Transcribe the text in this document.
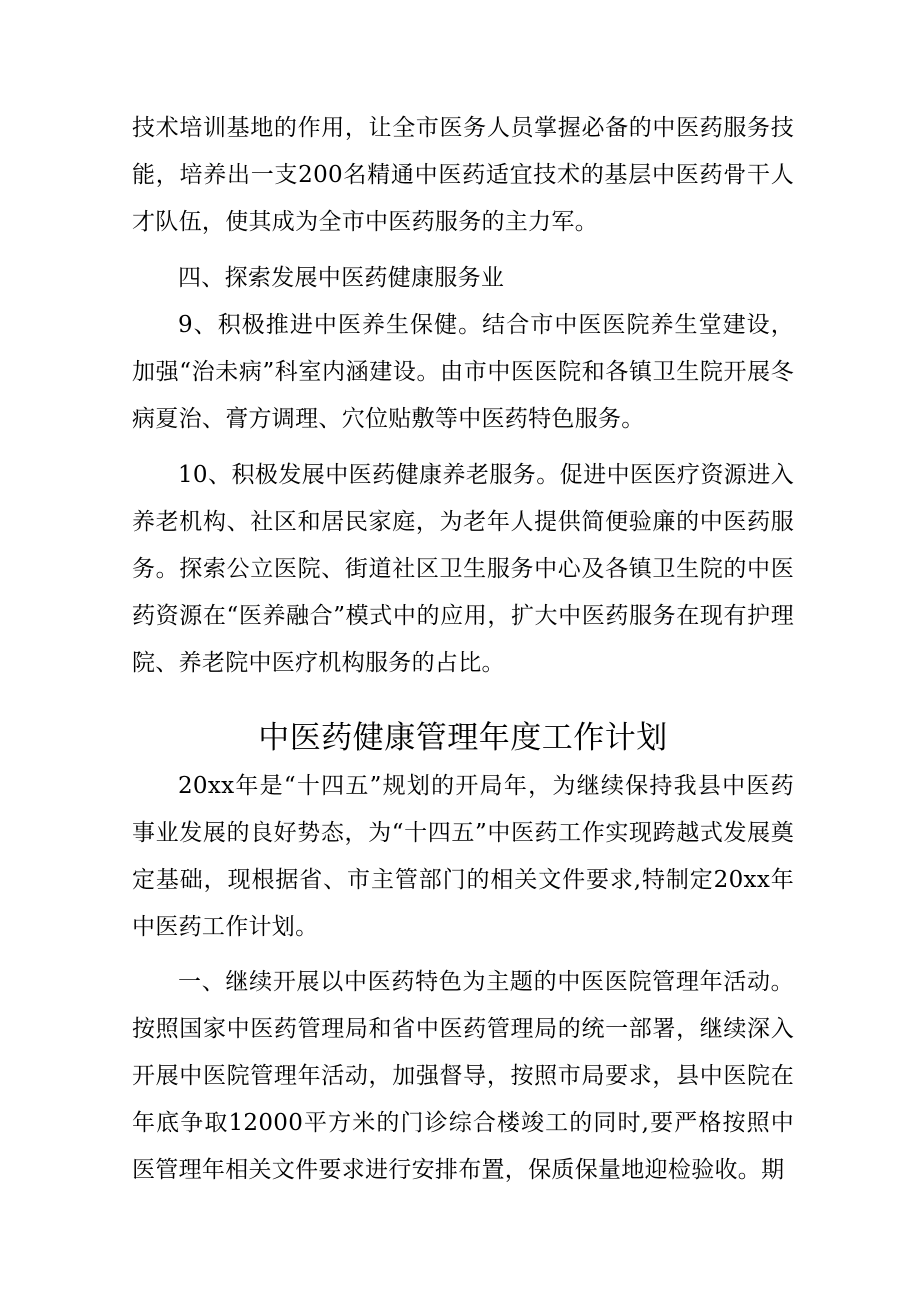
技术培训基地的作用，让全市医务人员掌握必备的中医药服务技能，培养出一支200名精通中医药适宜技术的基层中医药骨干人才队伍，使其成为全市中医药服务的主力军。

四、探索发展中医药健康服务业

9、积极推进中医养生保健。结合市中医医院养生堂建设，加强“治未病”科室内涵建设。由市中医医院和各镇卫生院开展冬病夏治、膏方调理、穴位贴敷等中医药特色服务。

10、积极发展中医药健康养老服务。促进中医医疗资源进入养老机构、社区和居民家庭，为老年人提供简便验廉的中医药服务。探索公立医院、街道社区卫生服务中心及各镇卫生院的中医药资源在“医养融合”模式中的应用，扩大中医药服务在现有护理院、养老院中医疗机构服务的占比。

中医药健康管理年度工作计划

20xx年是“十四五”规划的开局年，为继续保持我县中医药事业发展的良好势态，为“十四五”中医药工作实现跨越式发展奠定基础，现根据省、市主管部门的相关文件要求,特制定20xx年中医药工作计划。

一、继续开展以中医药特色为主题的中医医院管理年活动。按照国家中医药管理局和省中医药管理局的统一部署，继续深入开展中医院管理年活动，加强督导，按照市局要求，县中医院在年底争取12000平方米的门诊综合楼竣工的同时,要严格按照中医管理年相关文件要求进行安排布置，保质保量地迎检验收。期
